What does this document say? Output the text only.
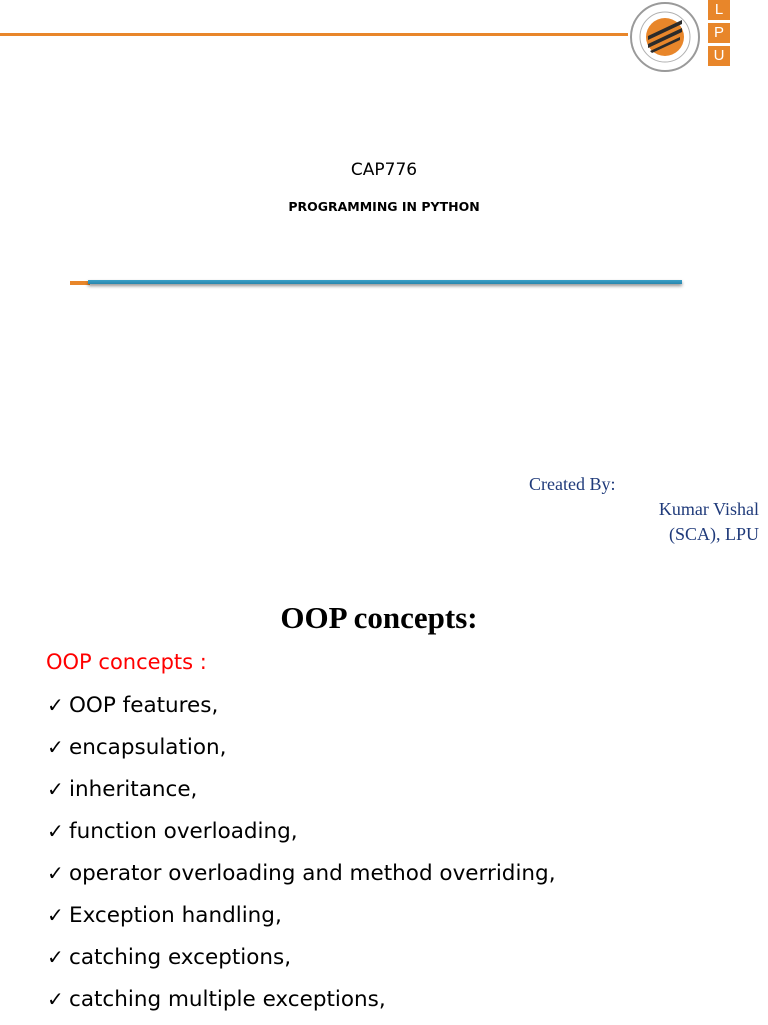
L
P
U
CAP776
PROGRAMMING IN PYTHON
Created By:
Kumar Vishal
(SCA), LPU
OOP concepts:
OOP concepts :
✓ OOP features,
✓ encapsulation,
✓ inheritance,
✓ function overloading,
✓ operator overloading and method overriding,
✓ Exception handling,
✓ catching exceptions,
✓ catching multiple exceptions,
